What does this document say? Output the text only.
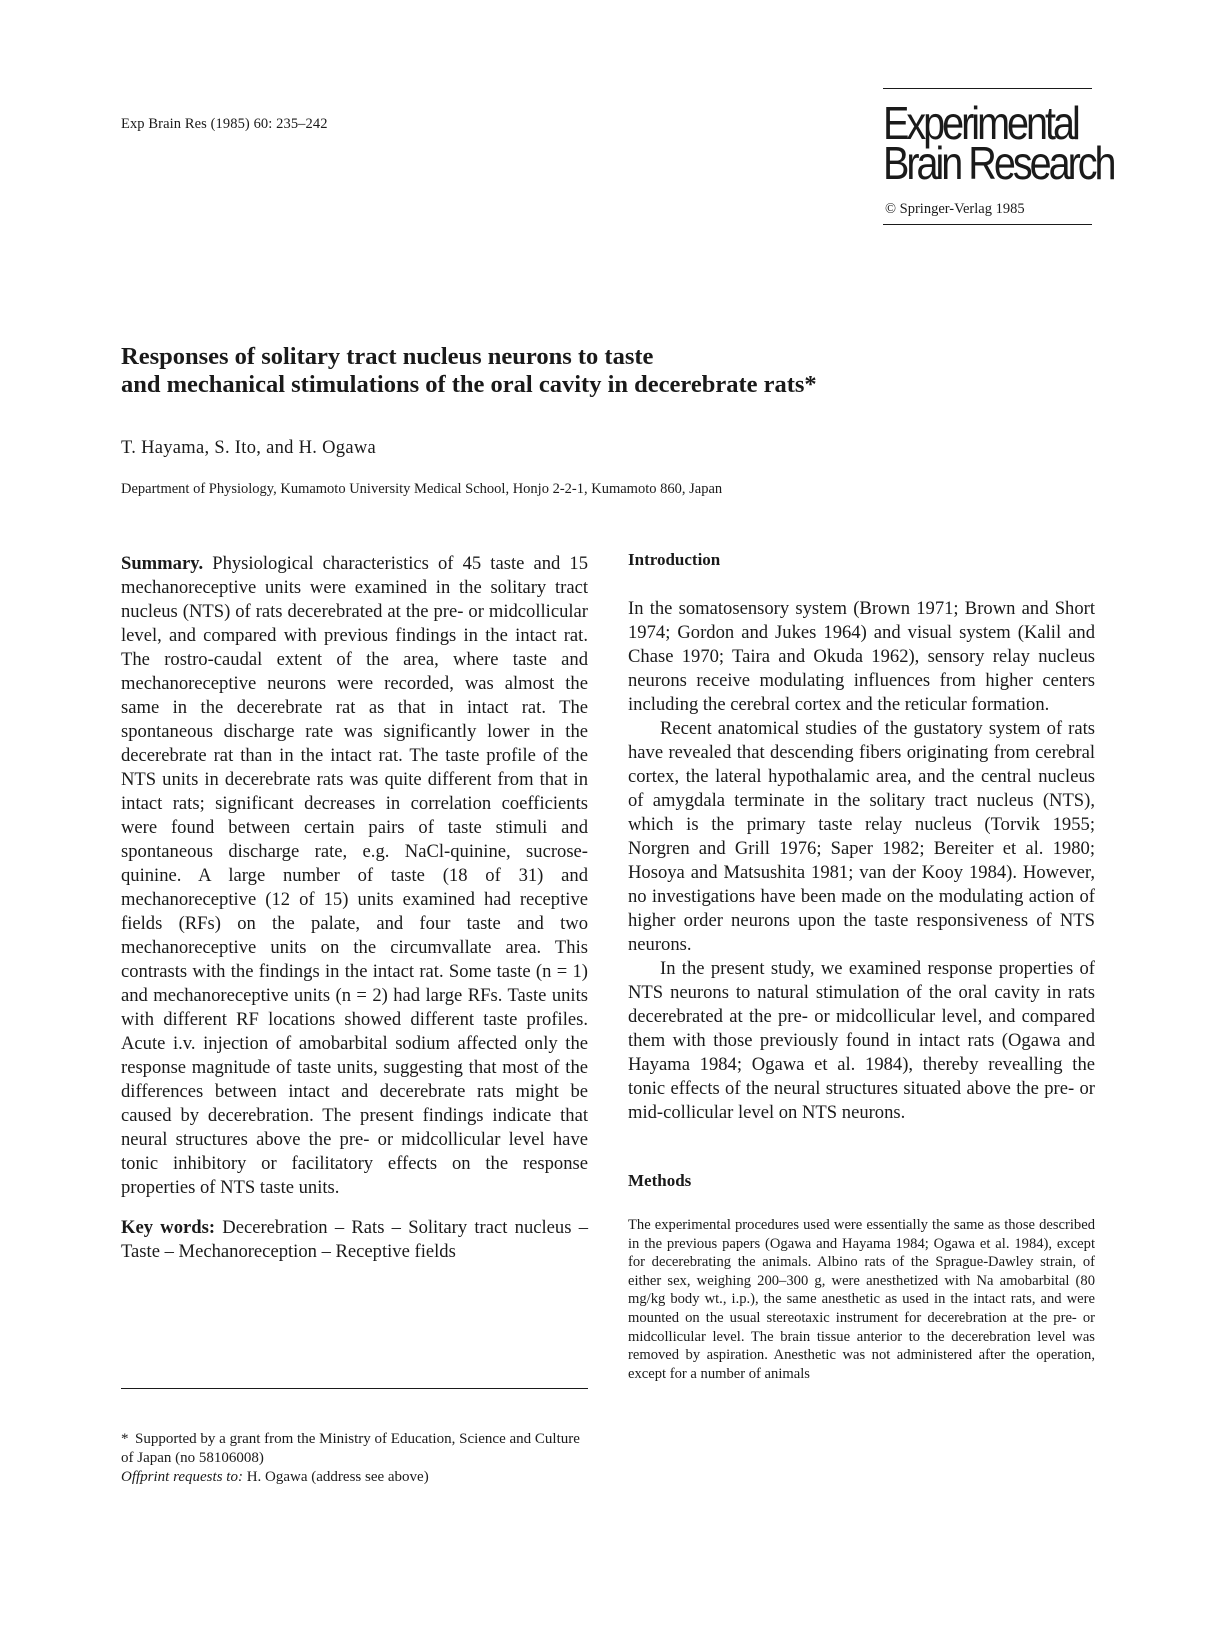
Exp Brain Res (1985) 60: 235–242	Experimental
Brain Research
© Springer-Verlag 1985
Responses of solitary tract nucleus neurons to taste
and mechanical stimulations of the oral cavity in decerebrate rats*
T. Hayama, S. Ito, and H. Ogawa
Department of Physiology, Kumamoto University Medical School, Honjo 2-2-1, Kumamoto 860, Japan

Summary. Physiological characteristics of 45 taste and 15 mechanoreceptive units were examined in the solitary tract nucleus (NTS) of rats decerebrated at the pre- or midcollicular level, and compared with previous findings in the intact rat. The rostro-caudal extent of the area, where taste and mechanoreceptive neurons were recorded, was almost the same in the decerebrate rat as that in intact rat. The spontaneous discharge rate was significantly lower in the decerebrate rat than in the intact rat. The taste profile of the NTS units in decerebrate rats was quite different from that in intact rats; significant decreases in correlation coefficients were found between certain pairs of taste stimuli and spontaneous discharge rate, e.g. NaCl-quinine, sucrose-quinine. A large number of taste (18 of 31) and mechanoreceptive (12 of 15) units examined had receptive fields (RFs) on the palate, and four taste and two mechanoreceptive units on the circumvallate area. This contrasts with the findings in the intact rat. Some taste (n = 1) and mechanoreceptive units (n = 2) had large RFs. Taste units with different RF locations showed different taste profiles. Acute i.v. injection of amobarbital sodium affected only the response magnitude of taste units, suggesting that most of the differences between intact and decerebrate rats might be caused by decerebration. The present findings indicate that neural structures above the pre- or midcollicular level have tonic inhibitory or facilitatory effects on the response properties of NTS taste units.

Key words: Decerebration – Rats – Solitary tract nucleus – Taste – Mechanoreception – Receptive fields

* Supported by a grant from the Ministry of Education, Science and Culture of Japan (no 58106008)

Offprint requests to: H. Ogawa (address see above)

Introduction

In the somatosensory system (Brown 1971; Brown and Short 1974; Gordon and Jukes 1964) and visual system (Kalil and Chase 1970; Taira and Okuda 1962), sensory relay nucleus neurons receive modulating influences from higher centers including the cerebral cortex and the reticular formation.

Recent anatomical studies of the gustatory system of rats have revealed that descending fibers originating from cerebral cortex, the lateral hypothalamic area, and the central nucleus of amygdala terminate in the solitary tract nucleus (NTS), which is the primary taste relay nucleus (Torvik 1955; Norgren and Grill 1976; Saper 1982; Bereiter et al. 1980; Hosoya and Matsushita 1981; van der Kooy 1984). However, no investigations have been made on the modulating action of higher order neurons upon the taste responsiveness of NTS neurons.

In the present study, we examined response properties of NTS neurons to natural stimulation of the oral cavity in rats decerebrated at the pre- or midcollicular level, and compared them with those previously found in intact rats (Ogawa and Hayama 1984; Ogawa et al. 1984), thereby revealling the tonic effects of the neural structures situated above the pre- or mid-collicular level on NTS neurons.

Methods

The experimental procedures used were essentially the same as those described in the previous papers (Ogawa and Hayama 1984; Ogawa et al. 1984), except for decerebrating the animals. Albino rats of the Sprague-Dawley strain, of either sex, weighing 200–300 g, were anesthetized with Na amobarbital (80 mg/kg body wt., i.p.), the same anesthetic as used in the intact rats, and were mounted on the usual stereotaxic instrument for decerebration at the pre- or midcollicular level. The brain tissue anterior to the decerebration level was removed by aspiration. Anesthetic was not administered after the operation, except for a number of animals
